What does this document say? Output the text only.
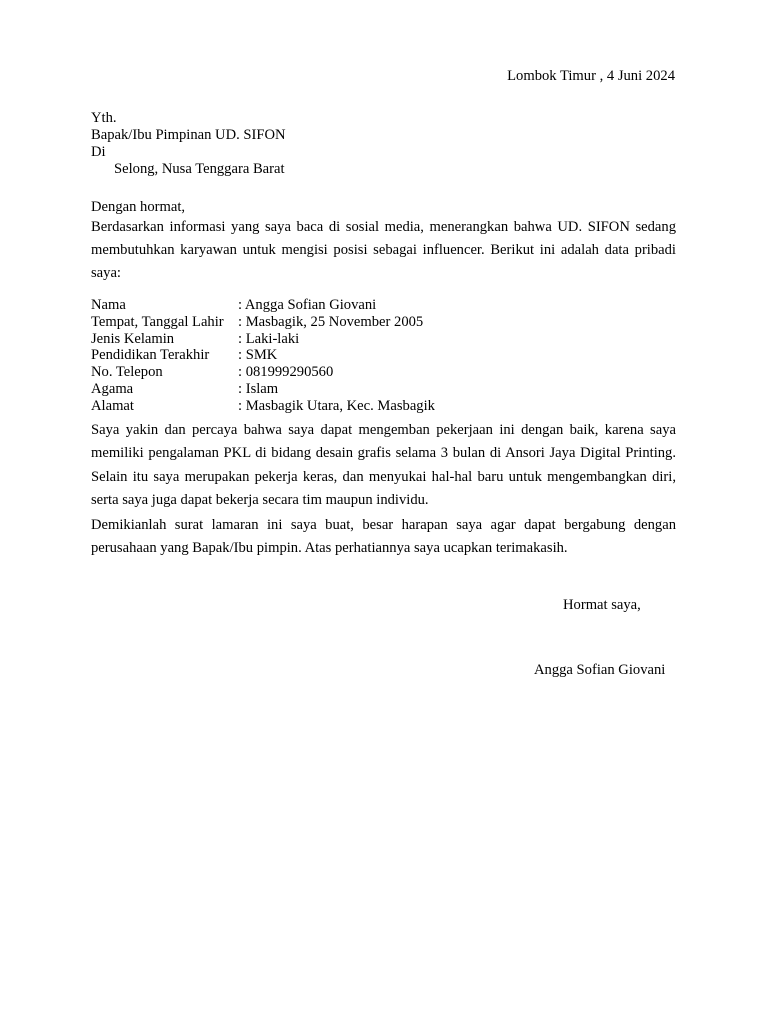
Lombok Timur , 4 Juni 2024
Yth.
Bapak/Ibu Pimpinan UD. SIFON
Di
Selong, Nusa Tenggara Barat
Dengan hormat,

Berdasarkan informasi yang saya baca di sosial media, menerangkan bahwa UD. SIFON sedang membutuhkan karyawan untuk mengisi posisi sebagai influencer. Berikut ini adalah data pribadi saya:

Nama	: Angga Sofian Giovani
Tempat, Tanggal Lahir : Masbagik, 25 November 2005
Jenis Kelamin	: Laki-laki
Pendidikan Terakhir	: SMK
No. Telepon	: 081999290560
Agama	: Islam
Alamat	: Masbagik Utara, Kec. Masbagik

Saya yakin dan percaya bahwa saya dapat mengemban pekerjaan ini dengan baik, karena saya memiliki pengalaman PKL di bidang desain grafis selama 3 bulan di Ansori Jaya Digital Printing. Selain itu saya merupakan pekerja keras, dan menyukai hal-hal baru untuk mengembangkan diri, serta saya juga dapat bekerja secara tim maupun individu.

Demikianlah surat lamaran ini saya buat, besar harapan saya agar dapat bergabung dengan perusahaan yang Bapak/Ibu pimpin. Atas perhatiannya saya ucapkan terimakasih.

Hormat saya,
Angga Sofian Giovani
